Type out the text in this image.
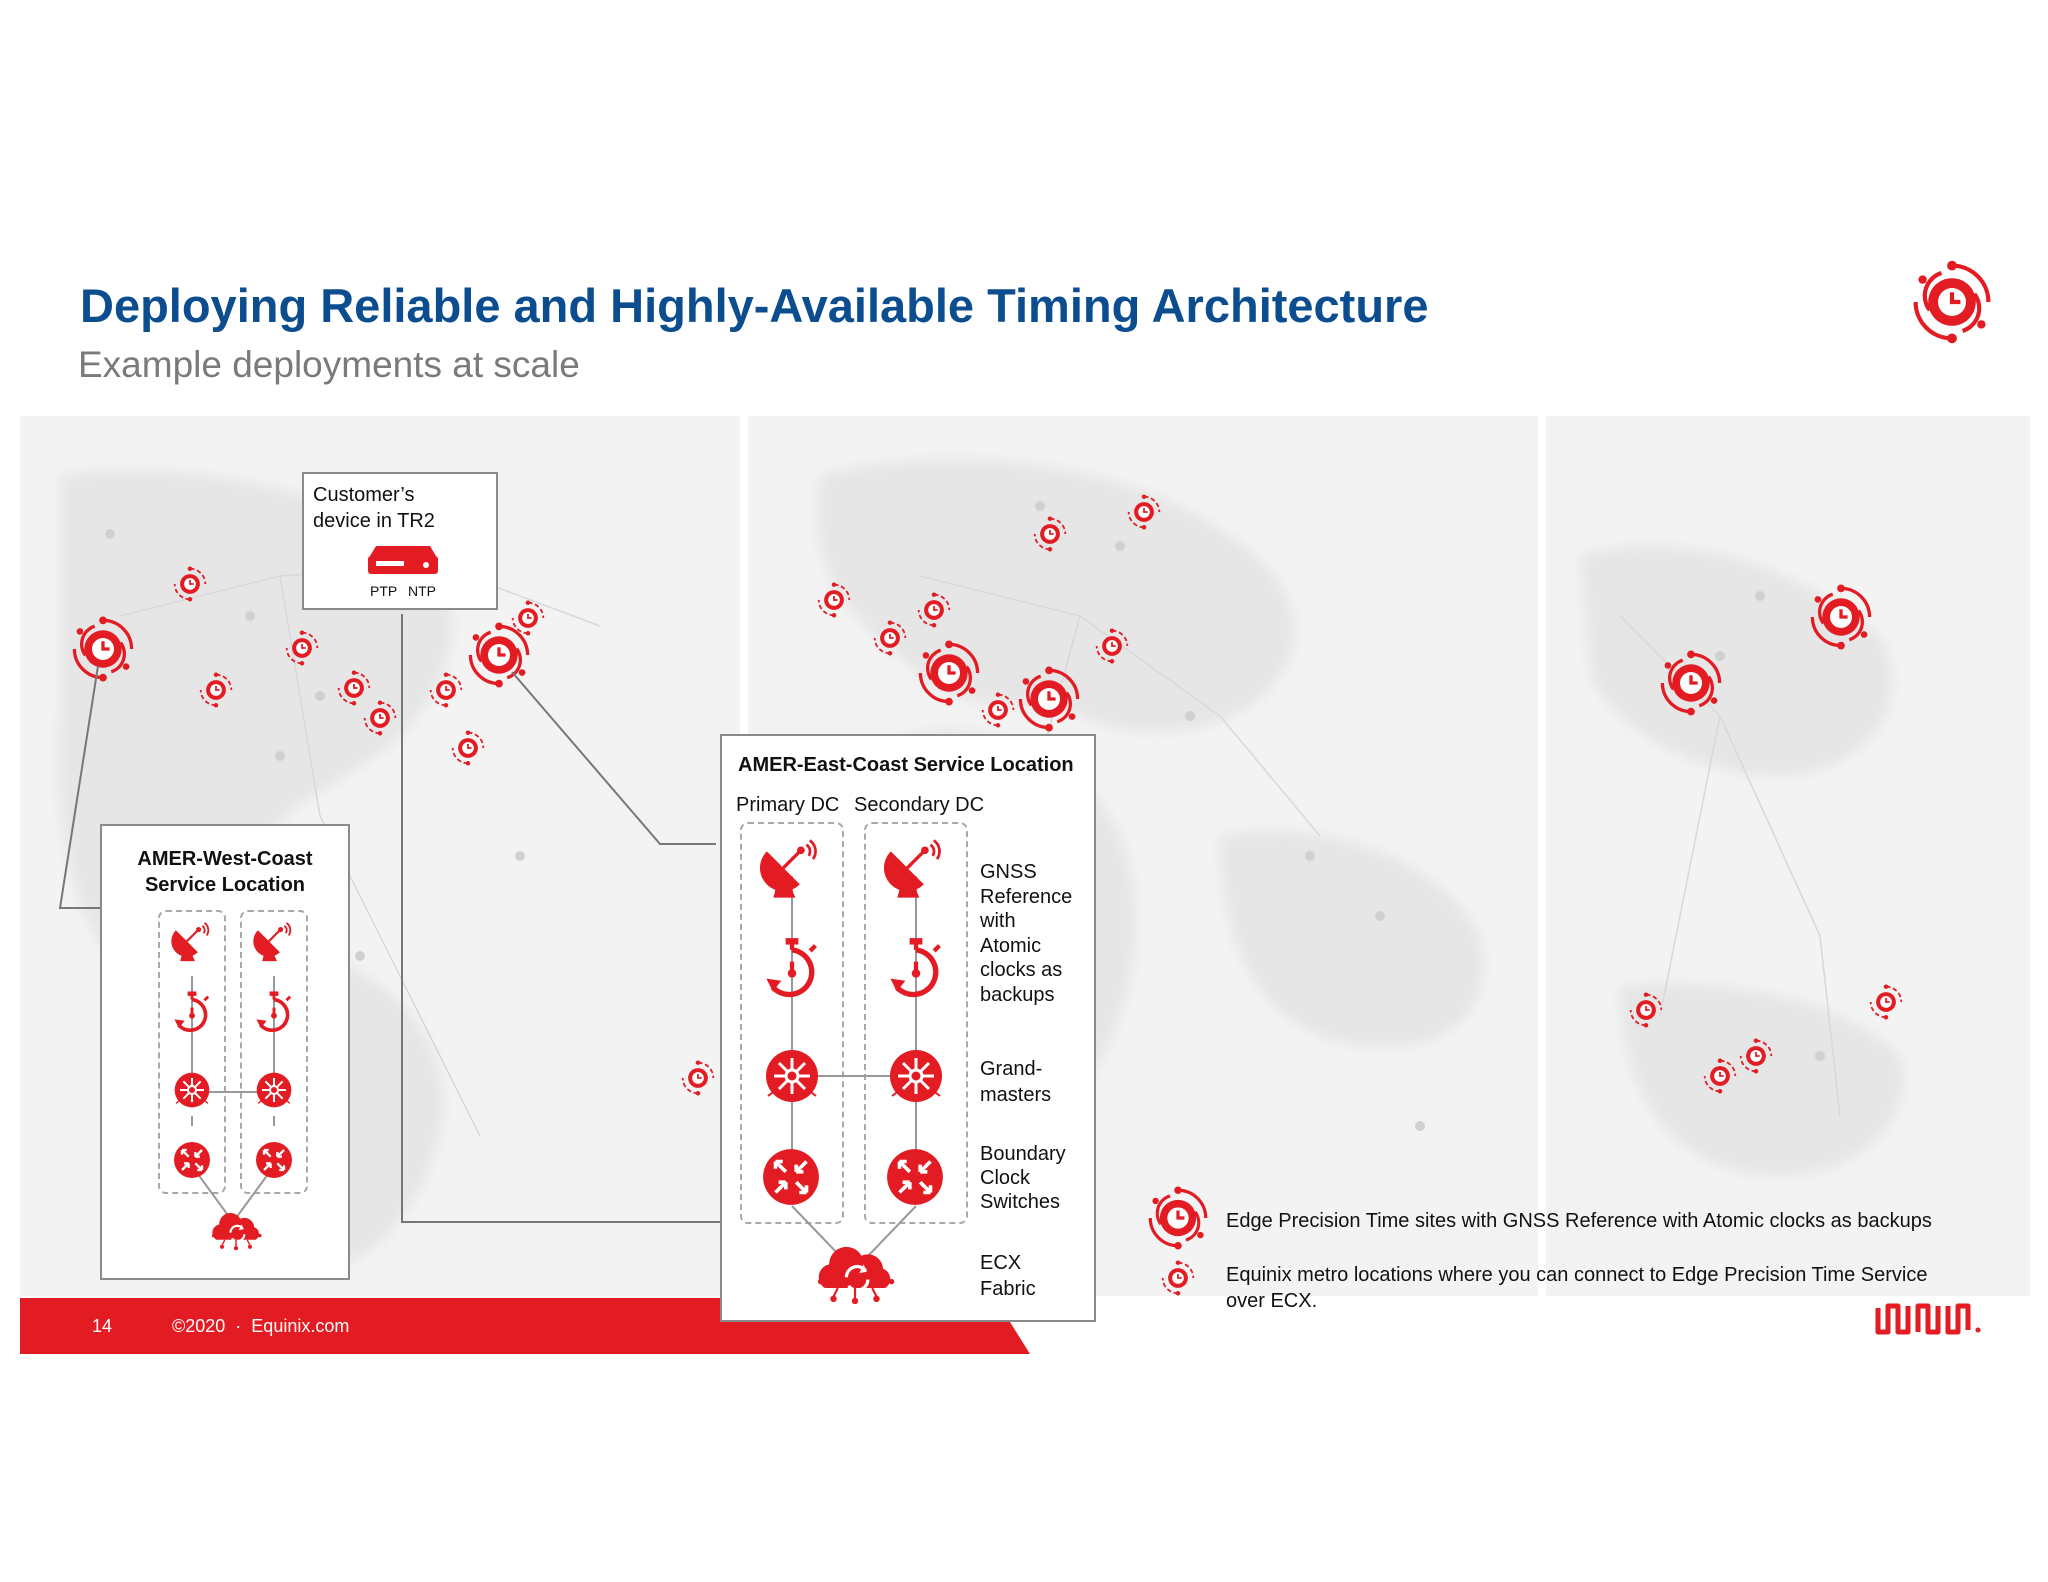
Deploying Reliable and Highly-Available Timing Architecture
Example deployments at scale
14	©2020  ·  Equinix.com
Customer’s
device in TR2
PTP NTP
AMER-West-Coast
Service Location
AMER-East-Coast Service Location
Primary DC Secondary DC
GNSS
Reference
with
Atomic
clocks as
backups
Grand-
masters
Boundary
Clock
Switches
ECX
Fabric
Edge Precision Time sites with GNSS Reference with Atomic clocks as backups
Equinix metro locations where you can connect to Edge Precision Time Service
over ECX.
